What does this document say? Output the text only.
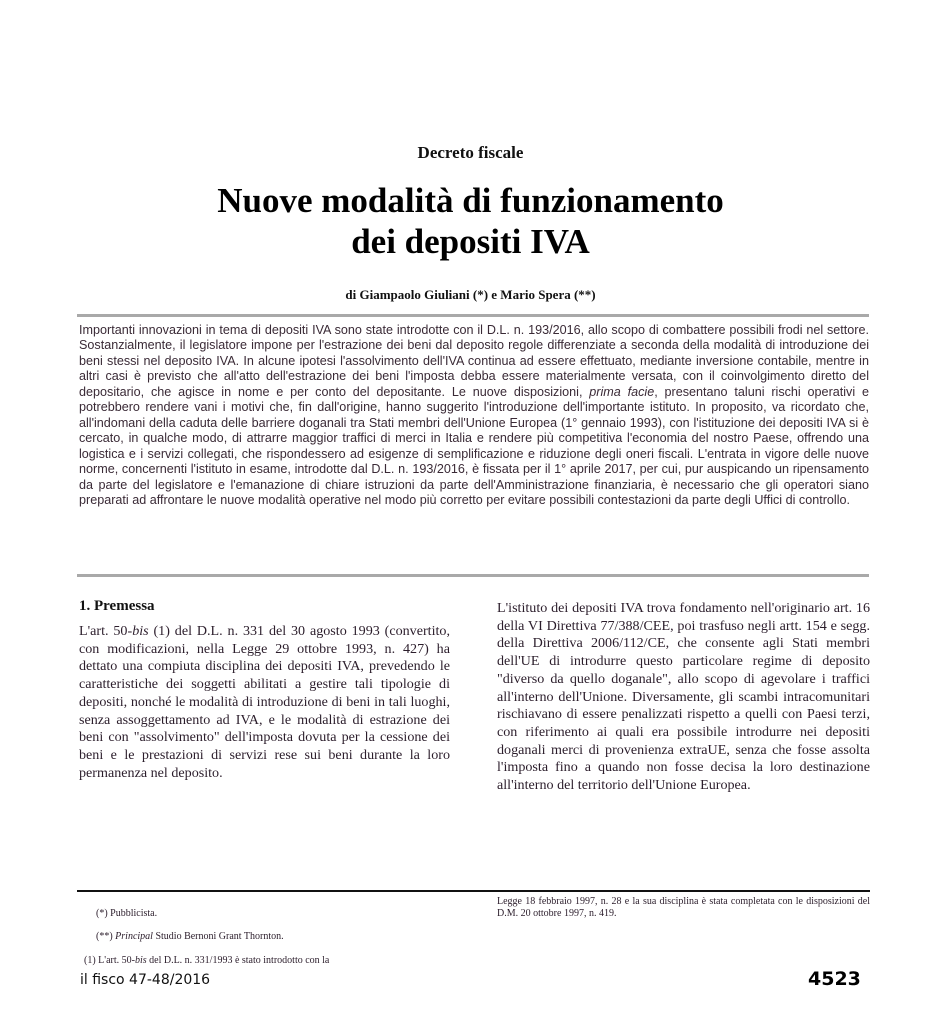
Decreto fiscale
Nuove modalità di funzionamento
dei depositi IVA
di Giampaolo Giuliani (*) e Mario Spera (**)
Importanti innovazioni in tema di depositi IVA sono state introdotte con il D.L. n. 193/2016, allo scopo di combattere possibili frodi nel settore. Sostanzialmente, il legislatore impone per l'estrazione dei beni dal deposito regole differenziate a seconda della modalità di introduzione dei beni stessi nel deposito IVA. In alcune ipotesi l'assolvimento dell'IVA continua ad essere effettuato, mediante inversione contabile, mentre in altri casi è previsto che all'atto dell'estrazione dei beni l'imposta debba essere materialmente versata, con il coinvolgimento diretto del depositario, che agisce in nome e per conto del depositante. Le nuove disposizioni, prima facie, presentano taluni rischi operativi e potrebbero rendere vani i motivi che, fin dall'origine, hanno suggerito l'introduzione dell'importante istituto. In proposito, va ricordato che, all'indomani della caduta delle barriere doganali tra Stati membri dell'Unione Europea (1° gennaio 1993), con l'istituzione dei depositi IVA si è cercato, in qualche modo, di attrarre maggior traffici di merci in Italia e rendere più competitiva l'economia del nostro Paese, offrendo una logistica e i servizi collegati, che rispondessero ad esigenze di semplificazione e riduzione degli oneri fiscali. L'entrata in vigore delle nuove norme, concernenti l'istituto in esame, introdotte dal D.L. n. 193/2016, è fissata per il 1° aprile 2017, per cui, pur auspicando un ripensamento da parte del legislatore e l'emanazione di chiare istruzioni da parte dell'Amministrazione finanziaria, è necessario che gli operatori siano preparati ad affrontare le nuove modalità operative nel modo più corretto per evitare possibili contestazioni da parte degli Uffici di controllo.
1. Premessa
L'art. 50-bis (1) del D.L. n. 331 del 30 agosto 1993 (convertito, con modificazioni, nella Legge 29 ottobre 1993, n. 427) ha dettato una compiuta disciplina dei depositi IVA, prevedendo le caratteristiche dei soggetti abilitati a gestire tali tipologie di depositi, nonché le modalità di introduzione di beni in tali luoghi, senza assoggettamento ad IVA, e le modalità di estrazione dei beni con "assolvimento" dell'imposta dovuta per la cessione dei beni e le prestazioni di servizi rese sui beni durante la loro permanenza nel deposito.
L'istituto dei depositi IVA trova fondamento nell'originario art. 16 della VI Direttiva 77/388/CEE, poi trasfuso negli artt. 154 e segg. della Direttiva 2006/112/CE, che consente agli Stati membri dell'UE di introdurre questo particolare regime di deposito "diverso da quello doganale", allo scopo di agevolare i traffici all'interno dell'Unione. Diversamente, gli scambi intracomunitari rischiavano di essere penalizzati rispetto a quelli con Paesi terzi, con riferimento ai quali era possibile introdurre nei depositi doganali merci di provenienza extraUE, senza che fosse assolta l'imposta fino a quando non fosse decisa la loro destinazione all'interno del territorio dell'Unione Europea.

(*) Pubblicista.

(**) Principal Studio Bernoni Grant Thornton.

(1) L'art. 50-bis del D.L. n. 331/1993 è stato introdotto con la

Legge 18 febbraio 1997, n. 28 e la sua disciplina è stata completata con le disposizioni del D.M. 20 ottobre 1997, n. 419.
il fisco 47-48/2016	4523
